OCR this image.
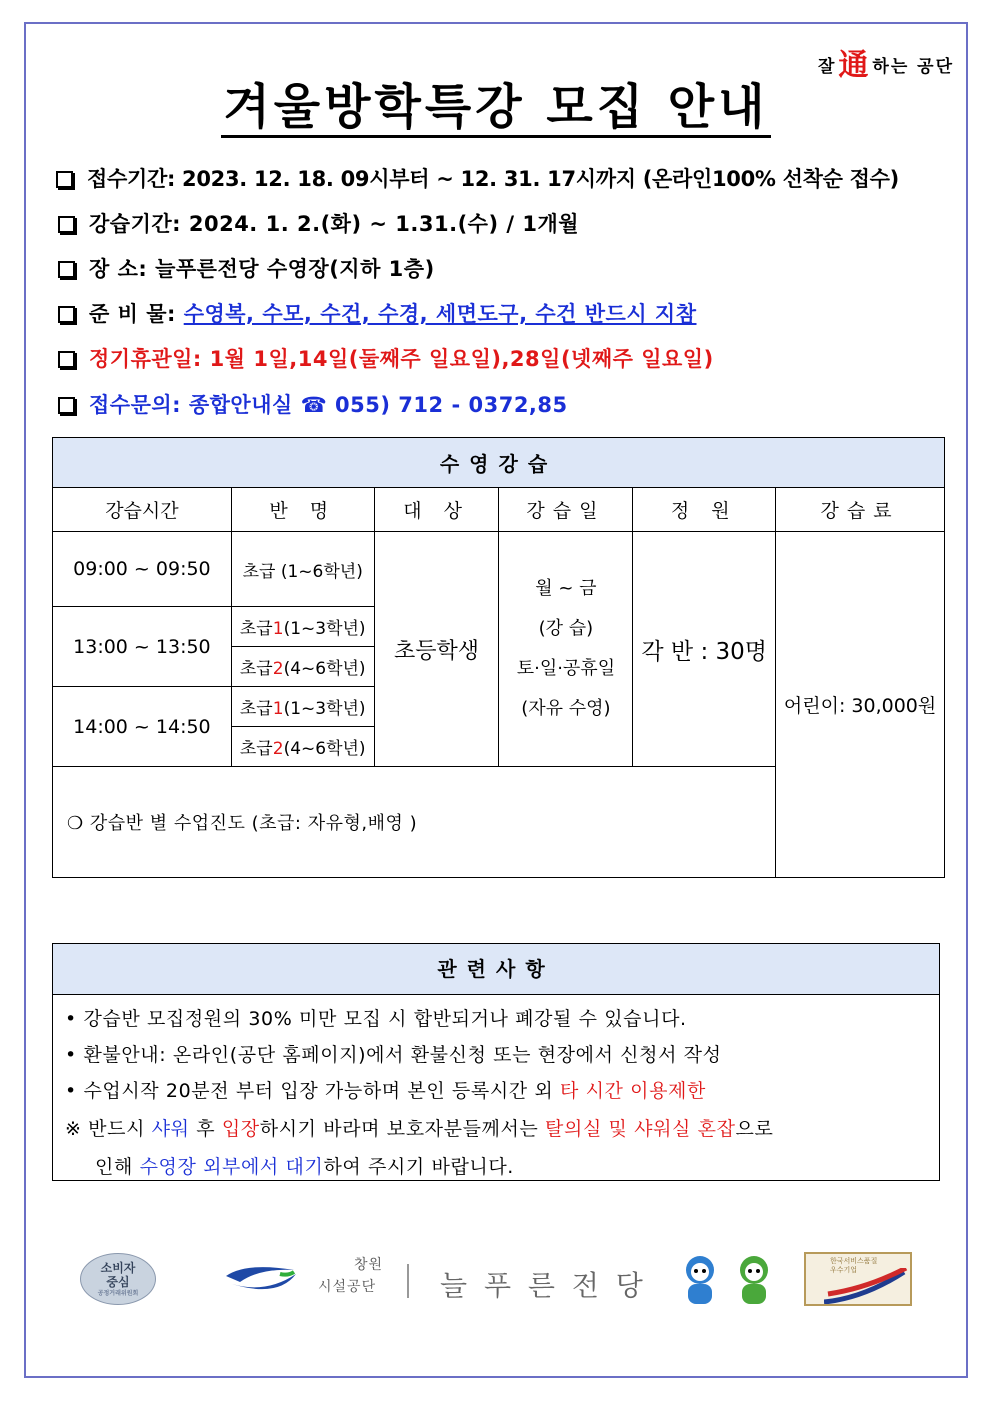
잘通 하는 공단
겨울방학특강 모집 안내
접수기간: 2023. 12. 18. 09시부터 ~ 12. 31. 17시까지 (온라인100% 선착순 접수)
강습기간: 2024. 1. 2.(화) ~ 1.31.(수) / 1개월
장 소: 늘푸른전당 수영장(지하 1층)
준 비 물: 수영복, 수모, 수건, 수경, 세면도구, 수건 반드시 지참
정기휴관일: 1월 1일,14일(둘째주 일요일),28일(넷째주 일요일)
접수문의: 종합안내실 ☎ 055) 712 - 0372,85
수영강습					
강습시간	반 명	대 상	강습일	정 원	강습료
09:00 ~ 09:50	초급 (1~6학년)	초등학생	월 ~ 금
(강 습)
토·일·공휴일
(자유 수영)	각 반 : 30명	어린이: 30,000원
13:00 ~ 13:50	초급1(1~3학년)				
	초급2(4~6학년)				
14:00 ~ 14:50	초급1(1~3학년)				
	초급2(4~6학년)				
❍ 강습반 별 수업진도 (초급: 자유형,배영 )					
관련사항
• 강습반 모집정원의 30% 미만 모집 시 합반되거나 폐강될 수 있습니다.
• 환불안내: 온라인(공단 홈페이지)에서 환불신청 또는 현장에서 신청서 작성
• 수업시작 20분전 부터 입장 가능하며 본인 등록시간 외 타 시간 이용제한
※ 반드시 샤워 후 입장하시기 바라며 보호자분들께서는 탈의실 및 샤워실 혼잡으로
인해 수영장 외부에서 대기하여 주시기 바랍니다.
소비자
중심
공정거래위원회
창원
시설공단 늘 푸 른 전 당
한국서비스품질 우수기업
